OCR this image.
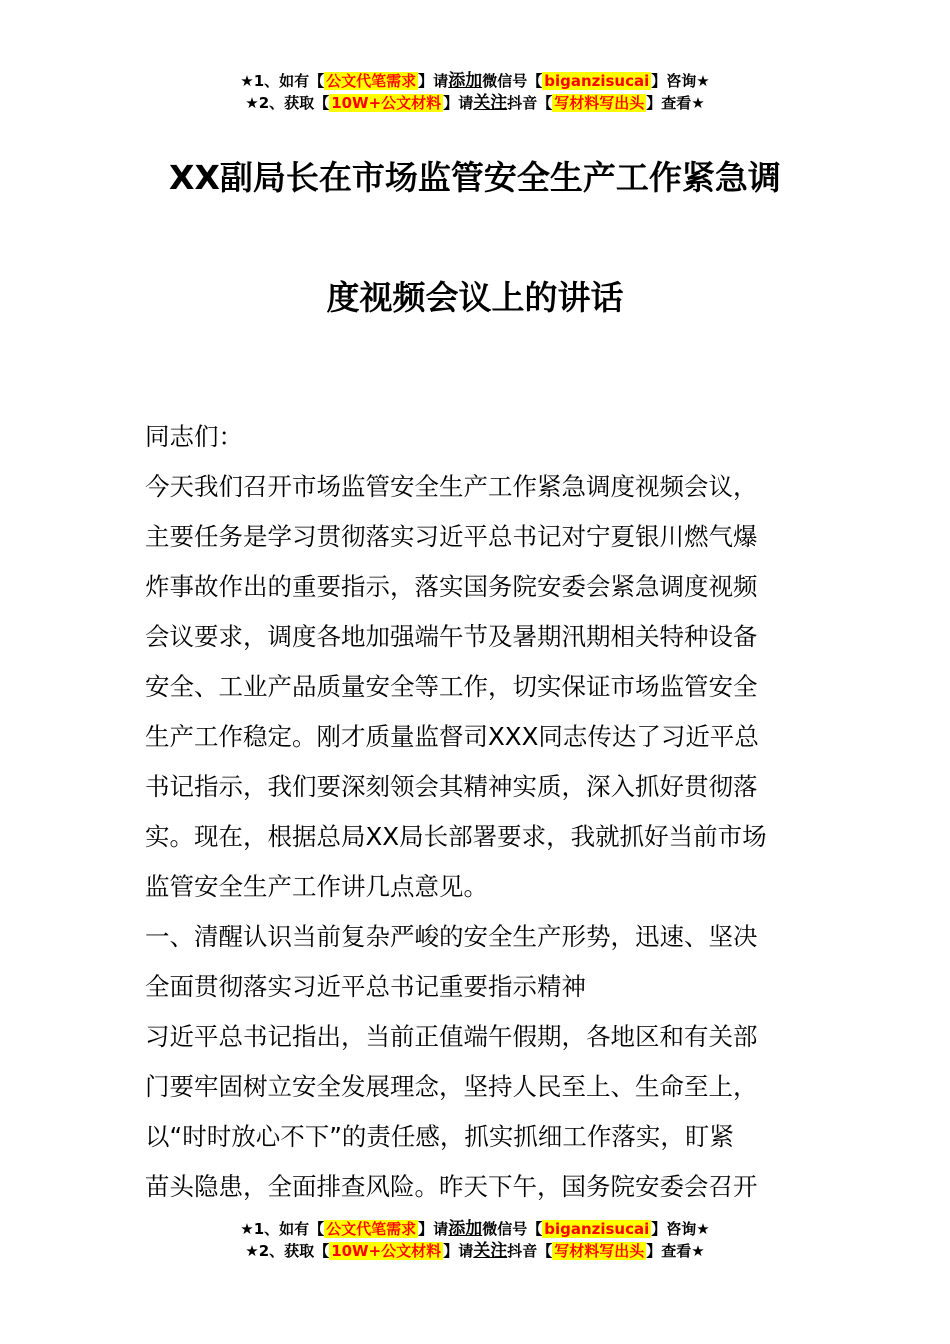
★1、如有【 公文代笔需求 】请添加微信号【 biganzisucai 】咨询★
★2、获取【 10W+公文材料 】请关注抖音【 写材料写出头 】查看★
XX副局长在市场监管安全生产工作紧急调
度视频会议上的讲话

同志们：

今天我们召开市场监管安全生产工作紧急调度视频会议，

主要任务是学习贯彻落实习近平总书记对宁夏银川燃气爆

炸事故作出的重要指示，落实国务院安委会紧急调度视频

会议要求，调度各地加强端午节及暑期汛期相关特种设备

安全、工业产品质量安全等工作，切实保证市场监管安全

生产工作稳定。刚才质量监督司XXX同志传达了习近平总

书记指示，我们要深刻领会其精神实质，深入抓好贯彻落

实。现在，根据总局XX局长部署要求，我就抓好当前市场

监管安全生产工作讲几点意见。

一、清醒认识当前复杂严峻的安全生产形势，迅速、坚决

全面贯彻落实习近平总书记重要指示精神

习近平总书记指出，当前正值端午假期，各地区和有关部

门要牢固树立安全发展理念，坚持人民至上、生命至上，

以“时时放心不下”的责任感，抓实抓细工作落实，盯紧

苗头隐患，全面排查风险。昨天下午，国务院安委会召开

★1、如有【 公文代笔需求 】请添加微信号【 biganzisucai 】咨询★
★2、获取【 10W+公文材料 】请关注抖音【 写材料写出头 】查看★
